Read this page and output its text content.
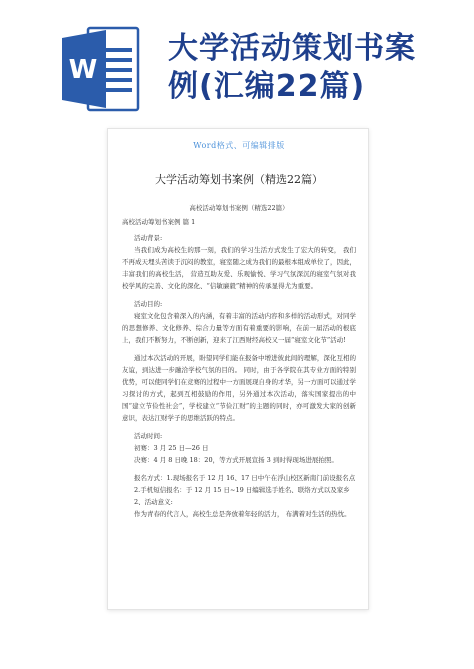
W
大学活动策划书案
例(汇编22篇)
Word格式、可编辑排版
大学活动筹划书案例（精选22篇）
高校活动筹划书案例（精选22篇）
高校活动筹划书案例 篇 1

活动背景:

当我们成为高校生的那一刻，我们的学习生活方式发生了宏大的转变， 我们不再成天埋头苦读于沉闷的教室，寝室随之成为我们的最根本组成单位了，因此，丰富我们的高校生活， 营造互助友爱、乐观愉悦、学习气氛深沉的寝室气氛对我校学风的完善、文化的深化、“信敏廉毅”精神的传承显得尤为重要。

活动目的:

寝室文化包含着深入的内涵，有着丰富的活动内容和多样的活动形式，对同学的思想修养、文化修养、综合力量等方面有着重要的影响，在前一届活动的根底上，我们不断努力，不断创新，迎来了江西财经高校又一届“寝室文化节”活动!

通过本次活动的开展，盼望同学们能在报备中增进彼此间的理解，深化互相的友谊，到达进一步融洽学校气氛的目的。 同时，由于各学院在其专业方面的特别优势，可以使同学们在竞赛的过程中一方面展现自身的才华，另一方面可以通过学习探讨的方式，起到互相鼓励的作用，另外通过本次活动，落实国家提出的中国“建立节俭性社会”，学校建立“节俭江财”的主题的同时，亦可激发大家的创新意识，表达江财学子的思维活跃的特点。

活动时间:

初赛：3 月 25 日—26 日

决赛：4 月 8 日晚 18：20，等方式开展宣扬 3 到时得现场进展拍照。

报名方式：1.现场报名于 12 月 16、17 日中午在浮山校区新南门前设报名点

2.手机短信报名：于 12 月 15 日~19 日编辑选手姓名、联络方式以及家乡

2、活动意义:

作为青春的代言人，高校生总是奔放着年轻的活力， 布满着对生活的热忱。
